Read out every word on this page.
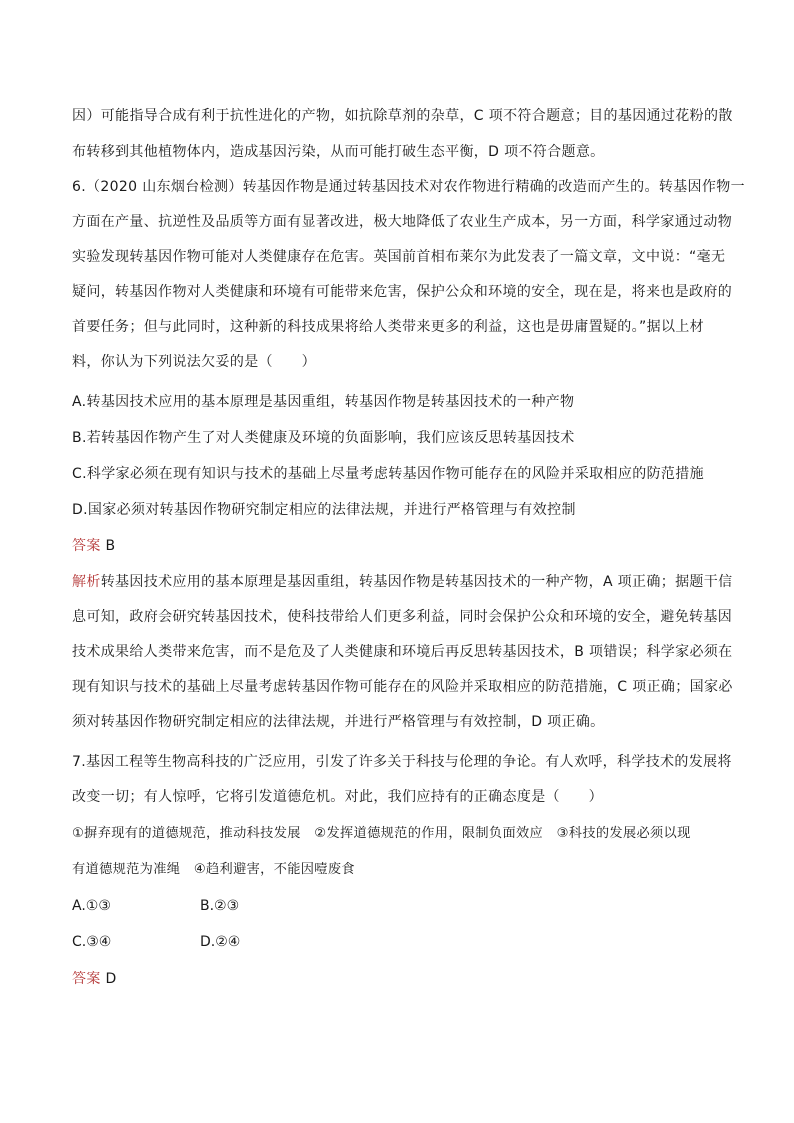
因）可能指导合成有利于抗性进化的产物，如抗除草剂的杂草，C 项不符合题意；目的基因通过花粉的散
布转移到其他植物体内，造成基因污染，从而可能打破生态平衡，D 项不符合题意。
6.（2020 山东烟台检测）转基因作物是通过转基因技术对农作物进行精确的改造而产生的。转基因作物一
方面在产量、抗逆性及品质等方面有显著改进，极大地降低了农业生产成本，另一方面，科学家通过动物
实验发现转基因作物可能对人类健康存在危害。英国前首相布莱尔为此发表了一篇文章，文中说：“毫无
疑问，转基因作物对人类健康和环境有可能带来危害，保护公众和环境的安全，现在是，将来也是政府的
首要任务；但与此同时，这种新的科技成果将给人类带来更多的利益，这也是毋庸置疑的。”据以上材
料，你认为下列说法欠妥的是（　　）
A.转基因技术应用的基本原理是基因重组，转基因作物是转基因技术的一种产物
B.若转基因作物产生了对人类健康及环境的负面影响，我们应该反思转基因技术
C.科学家必须在现有知识与技术的基础上尽量考虑转基因作物可能存在的风险并采取相应的防范措施
D.国家必须对转基因作物研究制定相应的法律法规，并进行严格管理与有效控制
答案 B
解析转基因技术应用的基本原理是基因重组，转基因作物是转基因技术的一种产物，A 项正确；据题干信
息可知，政府会研究转基因技术，使科技带给人们更多利益，同时会保护公众和环境的安全，避免转基因
技术成果给人类带来危害，而不是危及了人类健康和环境后再反思转基因技术，B 项错误；科学家必须在
现有知识与技术的基础上尽量考虑转基因作物可能存在的风险并采取相应的防范措施，C 项正确；国家必
须对转基因作物研究制定相应的法律法规，并进行严格管理与有效控制，D 项正确。
7.基因工程等生物高科技的广泛应用，引发了许多关于科技与伦理的争论。有人欢呼，科学技术的发展将
改变一切；有人惊呼，它将引发道德危机。对此，我们应持有的正确态度是（　　）
①摒弃现有的道德规范，推动科技发展　②发挥道德规范的作用，限制负面效应　③科技的发展必须以现
有道德规范为准绳　④趋利避害，不能因噎废食
A.①③	B.②③
C.③④	D.②④
答案 D
